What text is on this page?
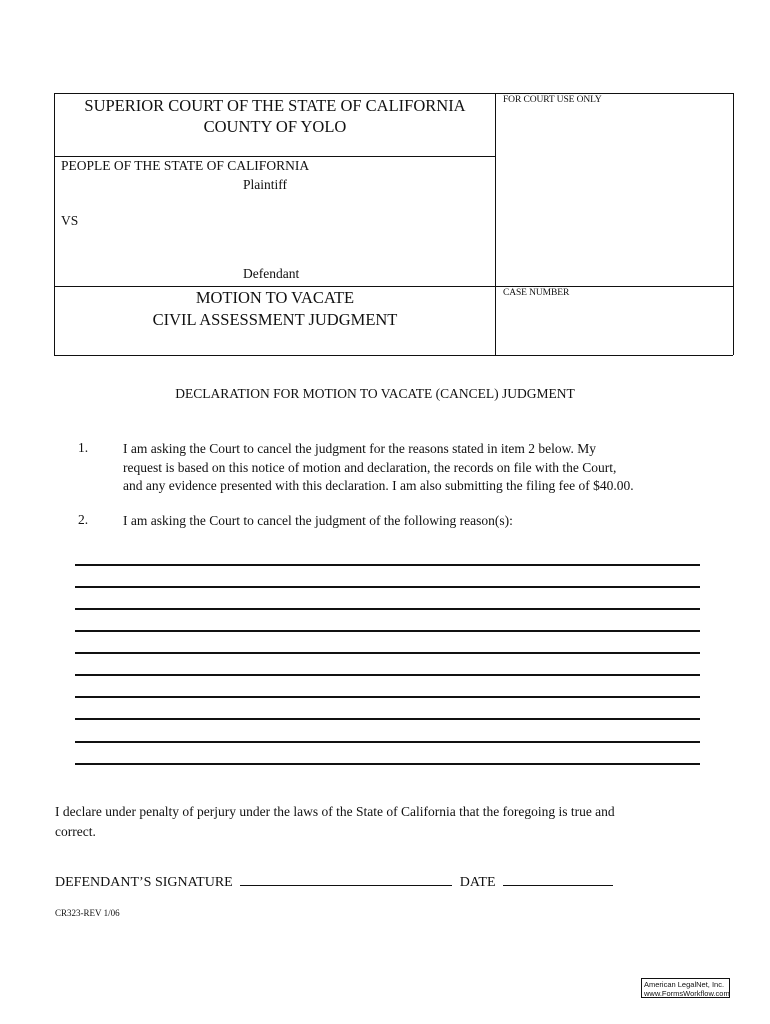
SUPERIOR COURT OF THE STATE OF CALIFORNIA
COUNTY OF YOLO
FOR COURT USE ONLY
CASE NUMBER
PEOPLE OF THE STATE OF CALIFORNIA
Plaintiff
VS
Defendant
MOTION TO VACATE
CIVIL ASSESSMENT JUDGMENT
DECLARATION FOR MOTION TO VACATE (CANCEL) JUDGMENT
1.	I am asking the Court to cancel the judgment for the reasons stated in item 2 below. My
request is based on this notice of motion and declaration, the records on file with the Court,
and any evidence presented with this declaration. I am also submitting the filing fee of $40.00.
2.	I am asking the Court to cancel the judgment of the following reason(s):
I declare under penalty of perjury under the laws of the State of California that the foregoing is true and
correct.
DEFENDANT’S SIGNATURE	DATE
CR323-REV 1/06
American LegalNet, Inc.
www.FormsWorkflow.com
